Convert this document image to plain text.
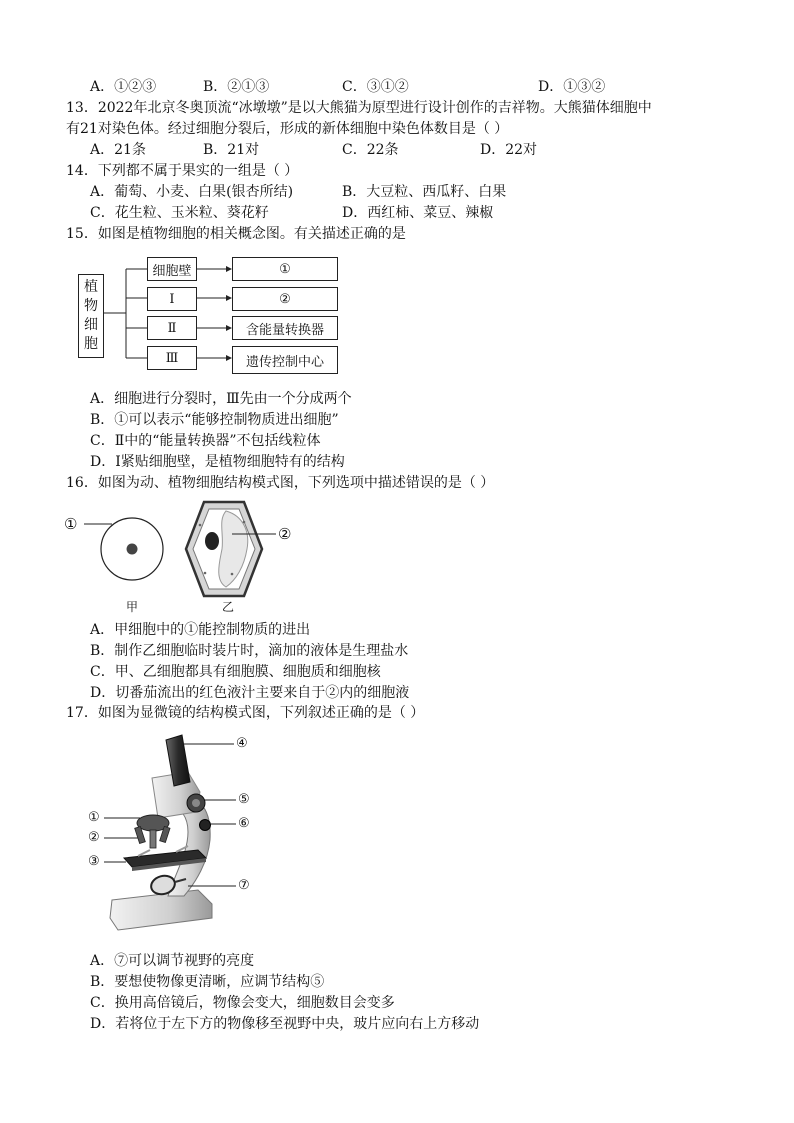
A．①②③	B．②①③	C．③①②	D．①③②
13．2022年北京冬奥顶流“冰墩墩”是以大熊猫为原型进行设计创作的吉祥物。大熊猫体细胞中
有21对染色体。经过细胞分裂后，形成的新体细胞中染色体数目是（ ）
A．21条	B．21对	C．22条	D．22对
14．下列都不属于果实的一组是（ ）
A．葡萄、小麦、白果(银杏所结)	B．大豆粒、西瓜籽、白果
C．花生粒、玉米粒、葵花籽	D．西红柿、菜豆、辣椒
15．如图是植物细胞的相关概念图。有关描述正确的是
植
物
细
胞
细胞壁
Ⅰ
Ⅱ
Ⅲ
①
②
含能量转换器
遗传控制中心
A．细胞进行分裂时，Ⅲ先由一个分成两个
B．①可以表示“能够控制物质进出细胞”
C．Ⅱ中的“能量转换器”不包括线粒体
D．Ⅰ紧贴细胞壁，是植物细胞特有的结构
16．如图为动、植物细胞结构模式图，下列选项中描述错误的是（ ）
①
②
甲	乙
A．甲细胞中的①能控制物质的进出
B．制作乙细胞临时装片时，滴加的液体是生理盐水
C．甲、乙细胞都具有细胞膜、细胞质和细胞核
D．切番茄流出的红色液汁主要来自于②内的细胞液
17．如图为显微镜的结构模式图，下列叙述正确的是（ ）
①
②
③
④
⑤
⑥
⑦
A．⑦可以调节视野的亮度
B．要想使物像更清晰，应调节结构⑤
C．换用高倍镜后，物像会变大，细胞数目会变多
D．若将位于左下方的物像移至视野中央，玻片应向右上方移动
